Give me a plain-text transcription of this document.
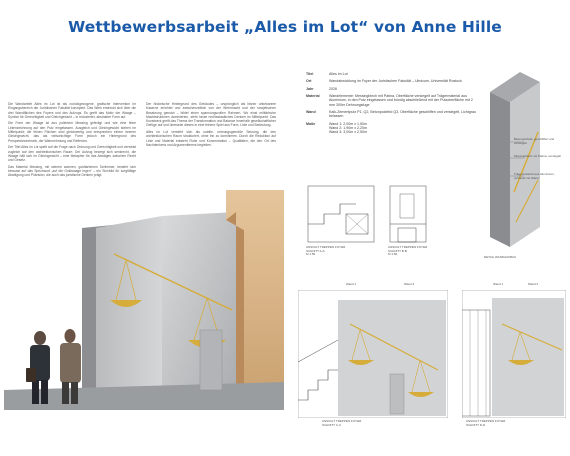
Wettbewerbsarbeit „Alles im Lot“ von Anne Hille

Die Wandarbeit Alles im Lot ist als zurückgezogene, grafische Intervention im Eingangsbereich der Juristischen Fakultät konzipiert. Das Werk erstreckt sich über die drei Wandflächen des Foyers und des Aufzugs. Es greift das Motiv der Waage – Symbol für Gerechtigkeit und Gleichgewicht – in reduzierter, abstrakter Form auf.

Die Form der Waage ist aus poliertem Messing gefertigt und wie eine feine Linienzeichnung auf den Putz eingelassen. Ausgleich und Gleichgewicht stehen im Mittelpunkt; die feinen Flächen sind gleichwertig und entsprechen einem inneren Gleichgewicht, das als vielschichtige Form jedoch ein Hintergrund des Perspektivwechsels, der Wahrnehmung und Reflexion.

Der Titel Alles im Lot spielt auf die Frage nach Ordnung und Gerechtigkeit und verweist zugleich auf den architektonischen Raum: Der Aufzug bewegt sich senkrecht, die Waage hält sich im Gleichgewicht – eine Metapher für das Abwägen zwischen Recht und Gesetz.

Das Material Messing, mit seinem warmen, goldfarbenen Schimmer, besteht sich bewusst auf das Sprichwort „auf die Goldwaage legen“ – ein Sinnbild für sorgfältige Abwägung und Präzision, die auch das juristische Denken prägt.

Der historische Hintergrund des Gebäudes – ursprünglich als bisher unbekannte Kaserne errichtet und zwischenzeitlich von der Wehrmacht und der sowjetischen Besatzung genutzt – bildet einen spannungsvollen Rahmen. Wo einst militärische Machtstrukturen dominierten, steht heute rechtsstaatliches Denken im Mittelpunkt. Das Kunstwerk greift das Thema der Transformation und Balance innerhalb gesellschaftlicher Gefüge auf und übersetzt dieses in eine feinere Spiel aus Form, Linie und Bedeutung.

Alles im Lot versteht sich als subtile, ordnungsgemäße Setzung, die den architektonischen Raum strukturiert, ohne ihn zu dominieren. Durch die Reduktion auf Linie und Material entsteht Ruhe und Konzentration – Qualitäten, die den Ort des Nachdenkens und Argumentierens begleiten.

Titel	Alles im Lot
Ort	Wandabwicklung im Foyer der Juristischen Fakultät – Ulmicum, Universität Rostock
Jahr	2026
Material	Wandelemente: Messingblech mit Patina, Oberfläche versiegelt auf Trägermaterial aus Aluminium, in den Putz eingelassen und bündig abschließend mit der Putzoberfläche mit 2 mm 300er Dehnungsfuge
Wand	Kalk-Zementputz P1, Q2, Betonputzfeld Q3, Oberfläche geschliffen und versiegelt, Lichtgrau belassen
Maße	Wand 1: 2,00m x 1,50m
Wand 2: 1,90m x 2,20m
Wand 3: 3,00m x 2,50m
Betonputzfeld, geschliffen und versiegelt
Messingblech mit Patina, versiegelt
Trägermaterial aus Aluminium, verdeckt mit Wand
DETAIL WANDAUFBAU
ANSICHT TREPPEN FOYER
SCHNITT A-A
M 1:50
ANSICHT TREPPEN FOYER
SCHNITT B-B
M 1:50
Wand 1	Wand 3	Wand 1	Wand 2
ANSICHT TREPPEN FOYER
SCHNITT C-C
ANSICHT TREPPEN FOYER
SCHNITT D-D
